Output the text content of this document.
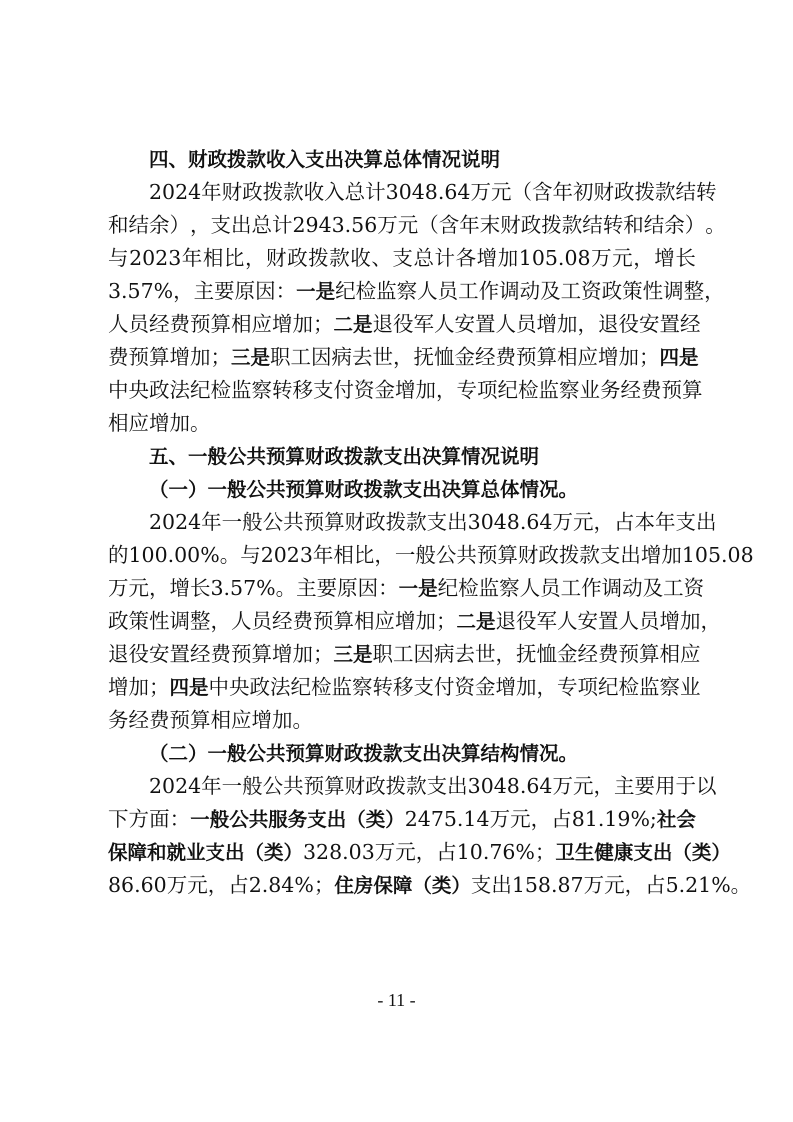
四、财政拨款收入支出决算总体情况说明
2024 年 财 政 拨 款 收 入 总 计 3048.64 万 元 （ 含 年 初 财 政 拨 款 结 转
和 结 余 ） ， 支 出 总 计 2943.56 万 元 （ 含 年 末 财 政 拨 款 结 转 和 结 余 ） 。
与 2023 年 相 比 ， 财 政 拨 款 收 、 支 总 计 各 增 加 105.08 万 元 ， 增 长
3.57% ， 主 要 原 因 ： 一是 纪 检 监 察 人 员 工 作 调 动 及 工 资 政 策 性 调 整 ，
人 员 经 费 预 算 相 应 增 加 ； 二是 退 役 军 人 安 置 人 员 增 加 ， 退 役 安 置 经
费 预 算 增 加 ； 三是 职 工 因 病 去 世 ， 抚 恤 金 经 费 预 算 相 应 增 加 ； 四是
中 央 政 法 纪 检 监 察 转 移 支 付 资 金 增 加 ， 专 项 纪 检 监 察 业 务 经 费 预 算
相应增加。
五、一般公共预算财政拨款支出决算情况说明
（一）一般公共预算财政拨款支出决算总体情况。
2024 年 一 般 公 共 预 算 财 政 拨 款 支 出 3048.64 万 元 ， 占 本 年 支 出
的 100.00%。 与 2023 年 相 比 ， 一 般 公 共 预 算 财 政 拨 款 支 出 增 加 105.08
万 元 ， 增 长 3.57% 。 主 要 原 因 ： 一是 纪 检 监 察 人 员 工 作 调 动 及 工 资
政 策 性 调 整 ， 人 员 经 费 预 算 相 应 增 加 ； 二是 退 役 军 人 安 置 人 员 增 加 ，
退 役 安 置 经 费 预 算 增 加 ； 三是 职 工 因 病 去 世 ， 抚 恤 金 经 费 预 算 相 应
增 加 ； 四是 中 央 政 法 纪 检 监 察 转 移 支 付 资 金 增 加 ， 专 项 纪 检 监 察 业
务经费预算相应增加。
（二）一般公共预算财政拨款支出决算结构情况。
2024 年 一 般 公 共 预 算 财 政 拨 款 支 出 3048.64 万 元 ， 主 要 用 于 以
下 方 面 ： 一般公共服务支出（类） 2475.14 万 元 ， 占 81.19%; 社会
保障和就业支出（类） 328.03 万 元 ， 占 10.76% ； 卫生健康支出（类）
86.60 万 元 ， 占 2.84% ； 住房保障（类） 支 出 158.87 万 元 ， 占 5.21%。
- 11 -
